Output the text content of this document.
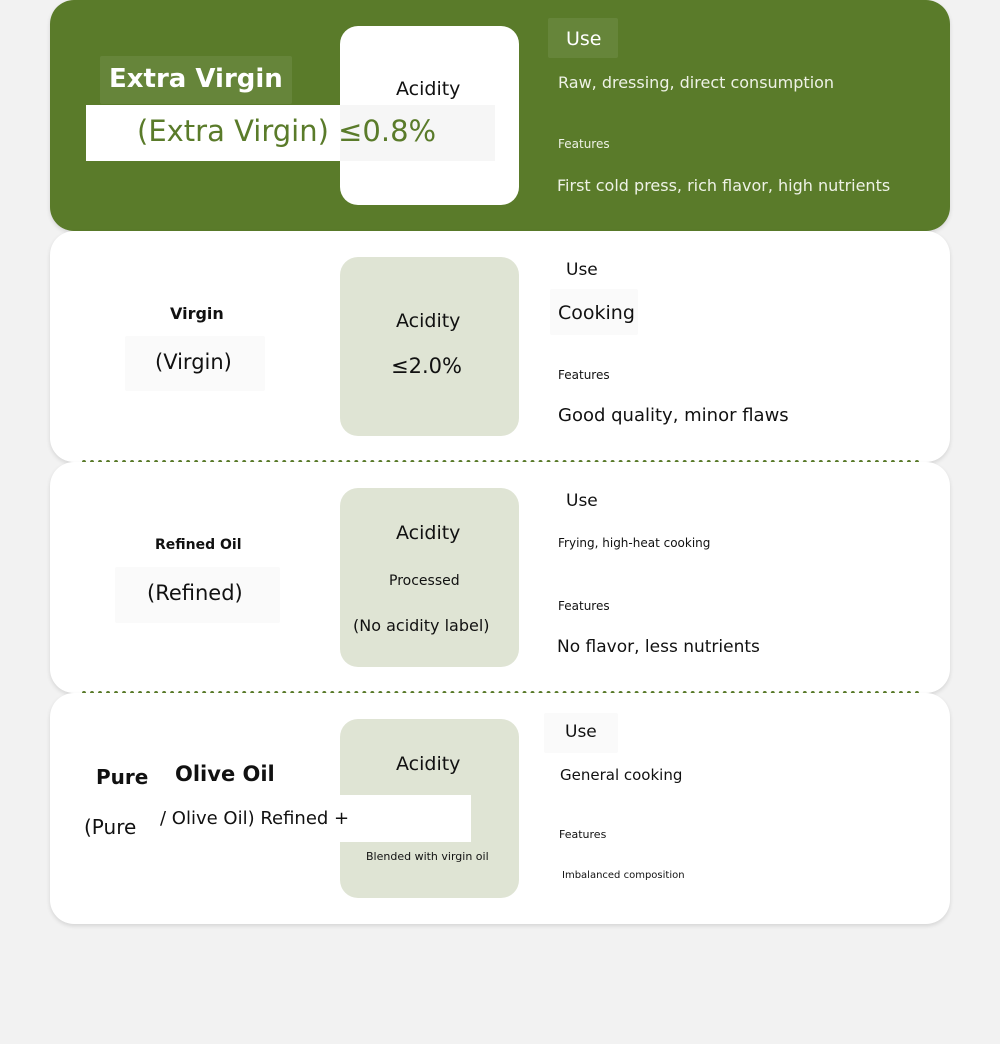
Extra Virgin	Acidity
(Extra Virgin) ≤0.8%
Use
Raw, dressing, direct consumption
Features
First cold press, rich flavor, high nutrients
Virgin
(Virgin)
Acidity
≤2.0%
Use
Cooking
Features
Good quality, minor flaws
Refined Oil
(Refined)
Acidity
Processed
(No acidity label)
Use
Frying, high-heat cooking
Features
No flavor, less nutrients
Pure Olive Oil
(Pure
Acidity
/ Olive Oil) Refined +
Blended with virgin oil
Use
General cooking
Features
Imbalanced composition
